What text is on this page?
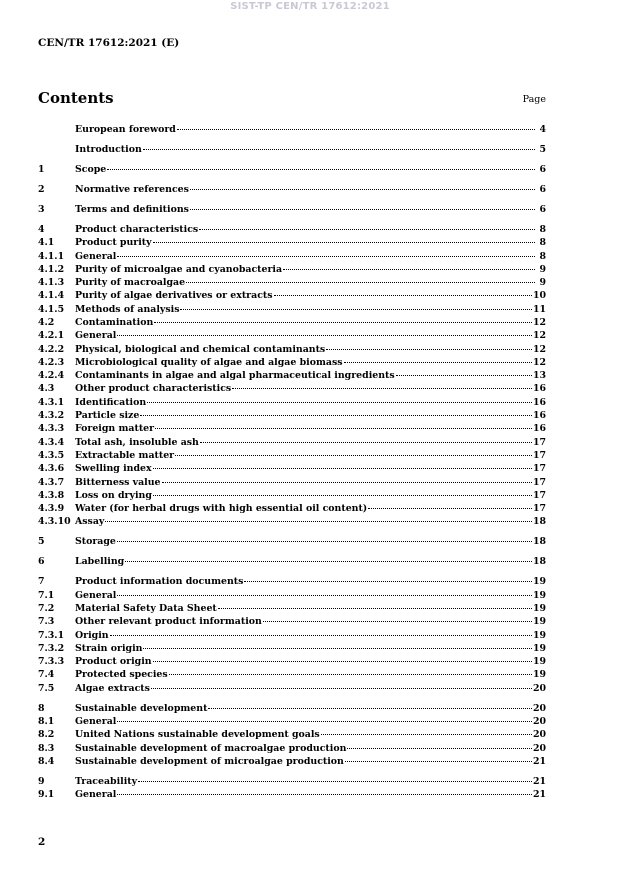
SIST-TP CEN/TR 17612:2021
CEN/TR 17612:2021 (E)
Contents	Page
European foreword	4
Introduction	5
1	Scope	6
2	Normative references	6
3	Terms and definitions	6
4	Product characteristics	8
4.1	Product purity	8
4.1.1	General	8
4.1.2	Purity of microalgae and cyanobacteria	9
4.1.3	Purity of macroalgae	9
4.1.4	Purity of algae derivatives or extracts	10
4.1.5	Methods of analysis	11
4.2	Contamination	12
4.2.1	General	12
4.2.2	Physical, biological and chemical contaminants	12
4.2.3	Microbiological quality of algae and algae biomass	12
4.2.4	Contaminants in algae and algal pharmaceutical ingredients	13
4.3	Other product characteristics	16
4.3.1	Identification	16
4.3.2	Particle size	16
4.3.3	Foreign matter	16
4.3.4	Total ash, insoluble ash	17
4.3.5	Extractable matter	17
4.3.6	Swelling index	17
4.3.7	Bitterness value	17
4.3.8	Loss on drying	17
4.3.9	Water (for herbal drugs with high essential oil content)	17
4.3.10 Assay	18
5	Storage	18
6	Labelling	18
7	Product information documents	19
7.1	General	19
7.2	Material Safety Data Sheet	19
7.3	Other relevant product information	19
7.3.1	Origin	19
7.3.2	Strain origin	19
7.3.3	Product origin	19
7.4	Protected species	19
7.5	Algae extracts	20
8	Sustainable development	20
8.1	General	20
8.2	United Nations sustainable development goals	20
8.3	Sustainable development of macroalgae production	20
8.4	Sustainable development of microalgae production	21
9	Traceability	21
9.1	General	21
2
